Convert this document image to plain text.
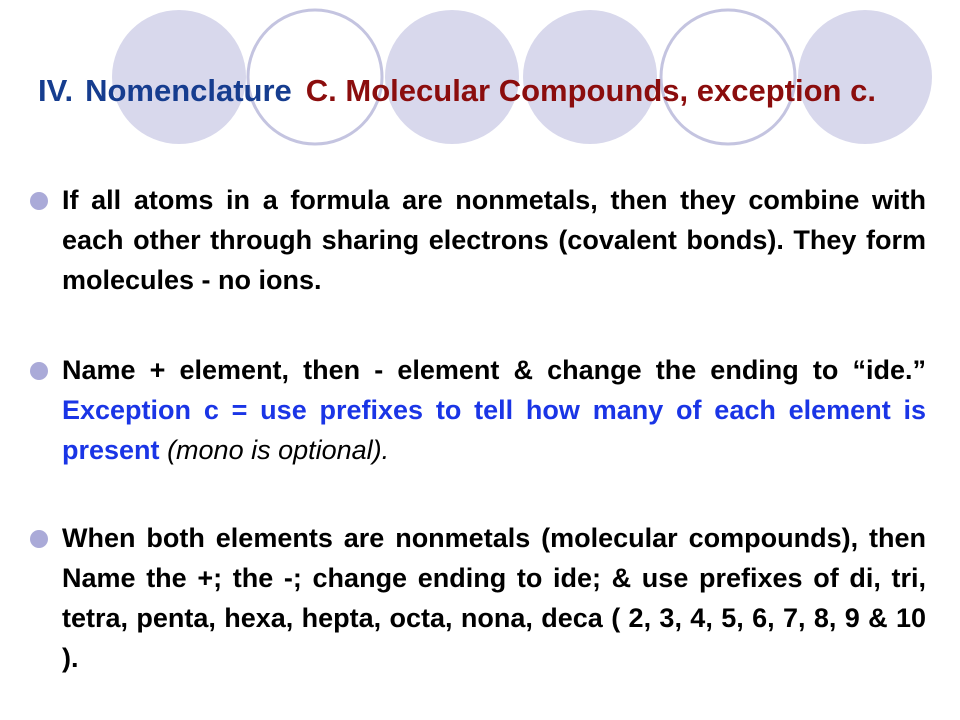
IV. Nomenclature C. Molecular Compounds, exception c.

If all atoms in a formula are nonmetals, then they combine with each other through sharing electrons (covalent bonds). They form molecules - no ions.

Name + element, then - element & change the ending to “ide.” Exception c = use prefixes to tell how many of each element is present (mono is optional).

When both elements are nonmetals (molecular compounds), then Name the +; the -; change ending to ide; & use prefixes of di, tri, tetra, penta, hexa, hepta, octa, nona, deca ( 2, 3, 4, 5, 6, 7, 8, 9 & 10 ).
